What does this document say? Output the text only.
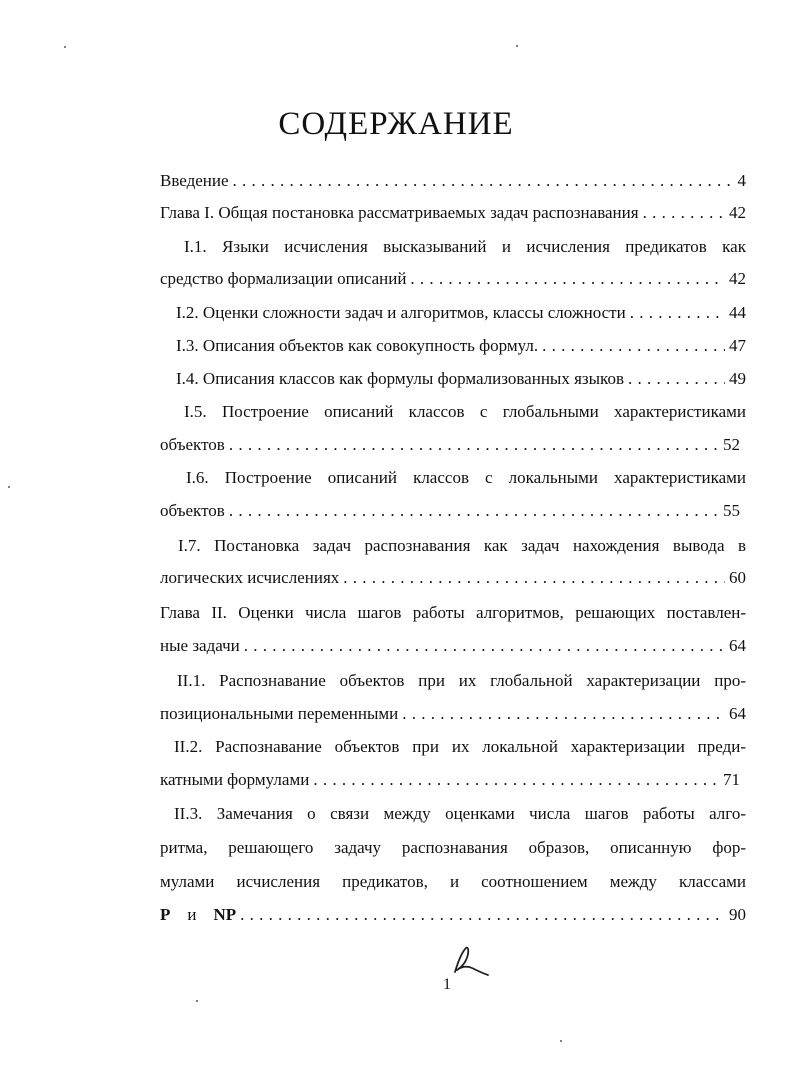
СОДЕРЖАНИЕ
Введение . . .	4
Глава I. Общая постановка рассматриваемых задач распознавания . . .	42
I.1. Языки исчисления высказываний и исчисления предикатов как
средство формализации описаний . . .	42
I.2. Оценки сложности задач и алгоритмов, классы сложности . . .	44
I.3. Описания объектов как совокупность формул. . . .	47
I.4. Описания классов как формулы формализованных языков . . .	49
I.5. Построение описаний классов с глобальными характеристиками
объектов . . .	52
I.6. Построение описаний классов с локальными характеристиками
объектов . . .	55
I.7. Постановка задач распознавания как задач нахождения вывода в
логических исчислениях . . .	60
Глава II. Оценки числа шагов работы алгоритмов, решающих поставлен-
ные задачи . . .	64
II.1. Распознавание объектов при их глобальной характеризации про-
позициональными переменными . . .	64
II.2. Распознавание объектов при их локальной характеризации преди-
катными формулами . . .	71
II.3. Замечания о связи между оценками числа шагов работы алго-
ритма, решающего задачу распознавания образов, описанную фор-
мулами исчисления предикатов, и соотношением между классами
P и NP . . .	90
1
